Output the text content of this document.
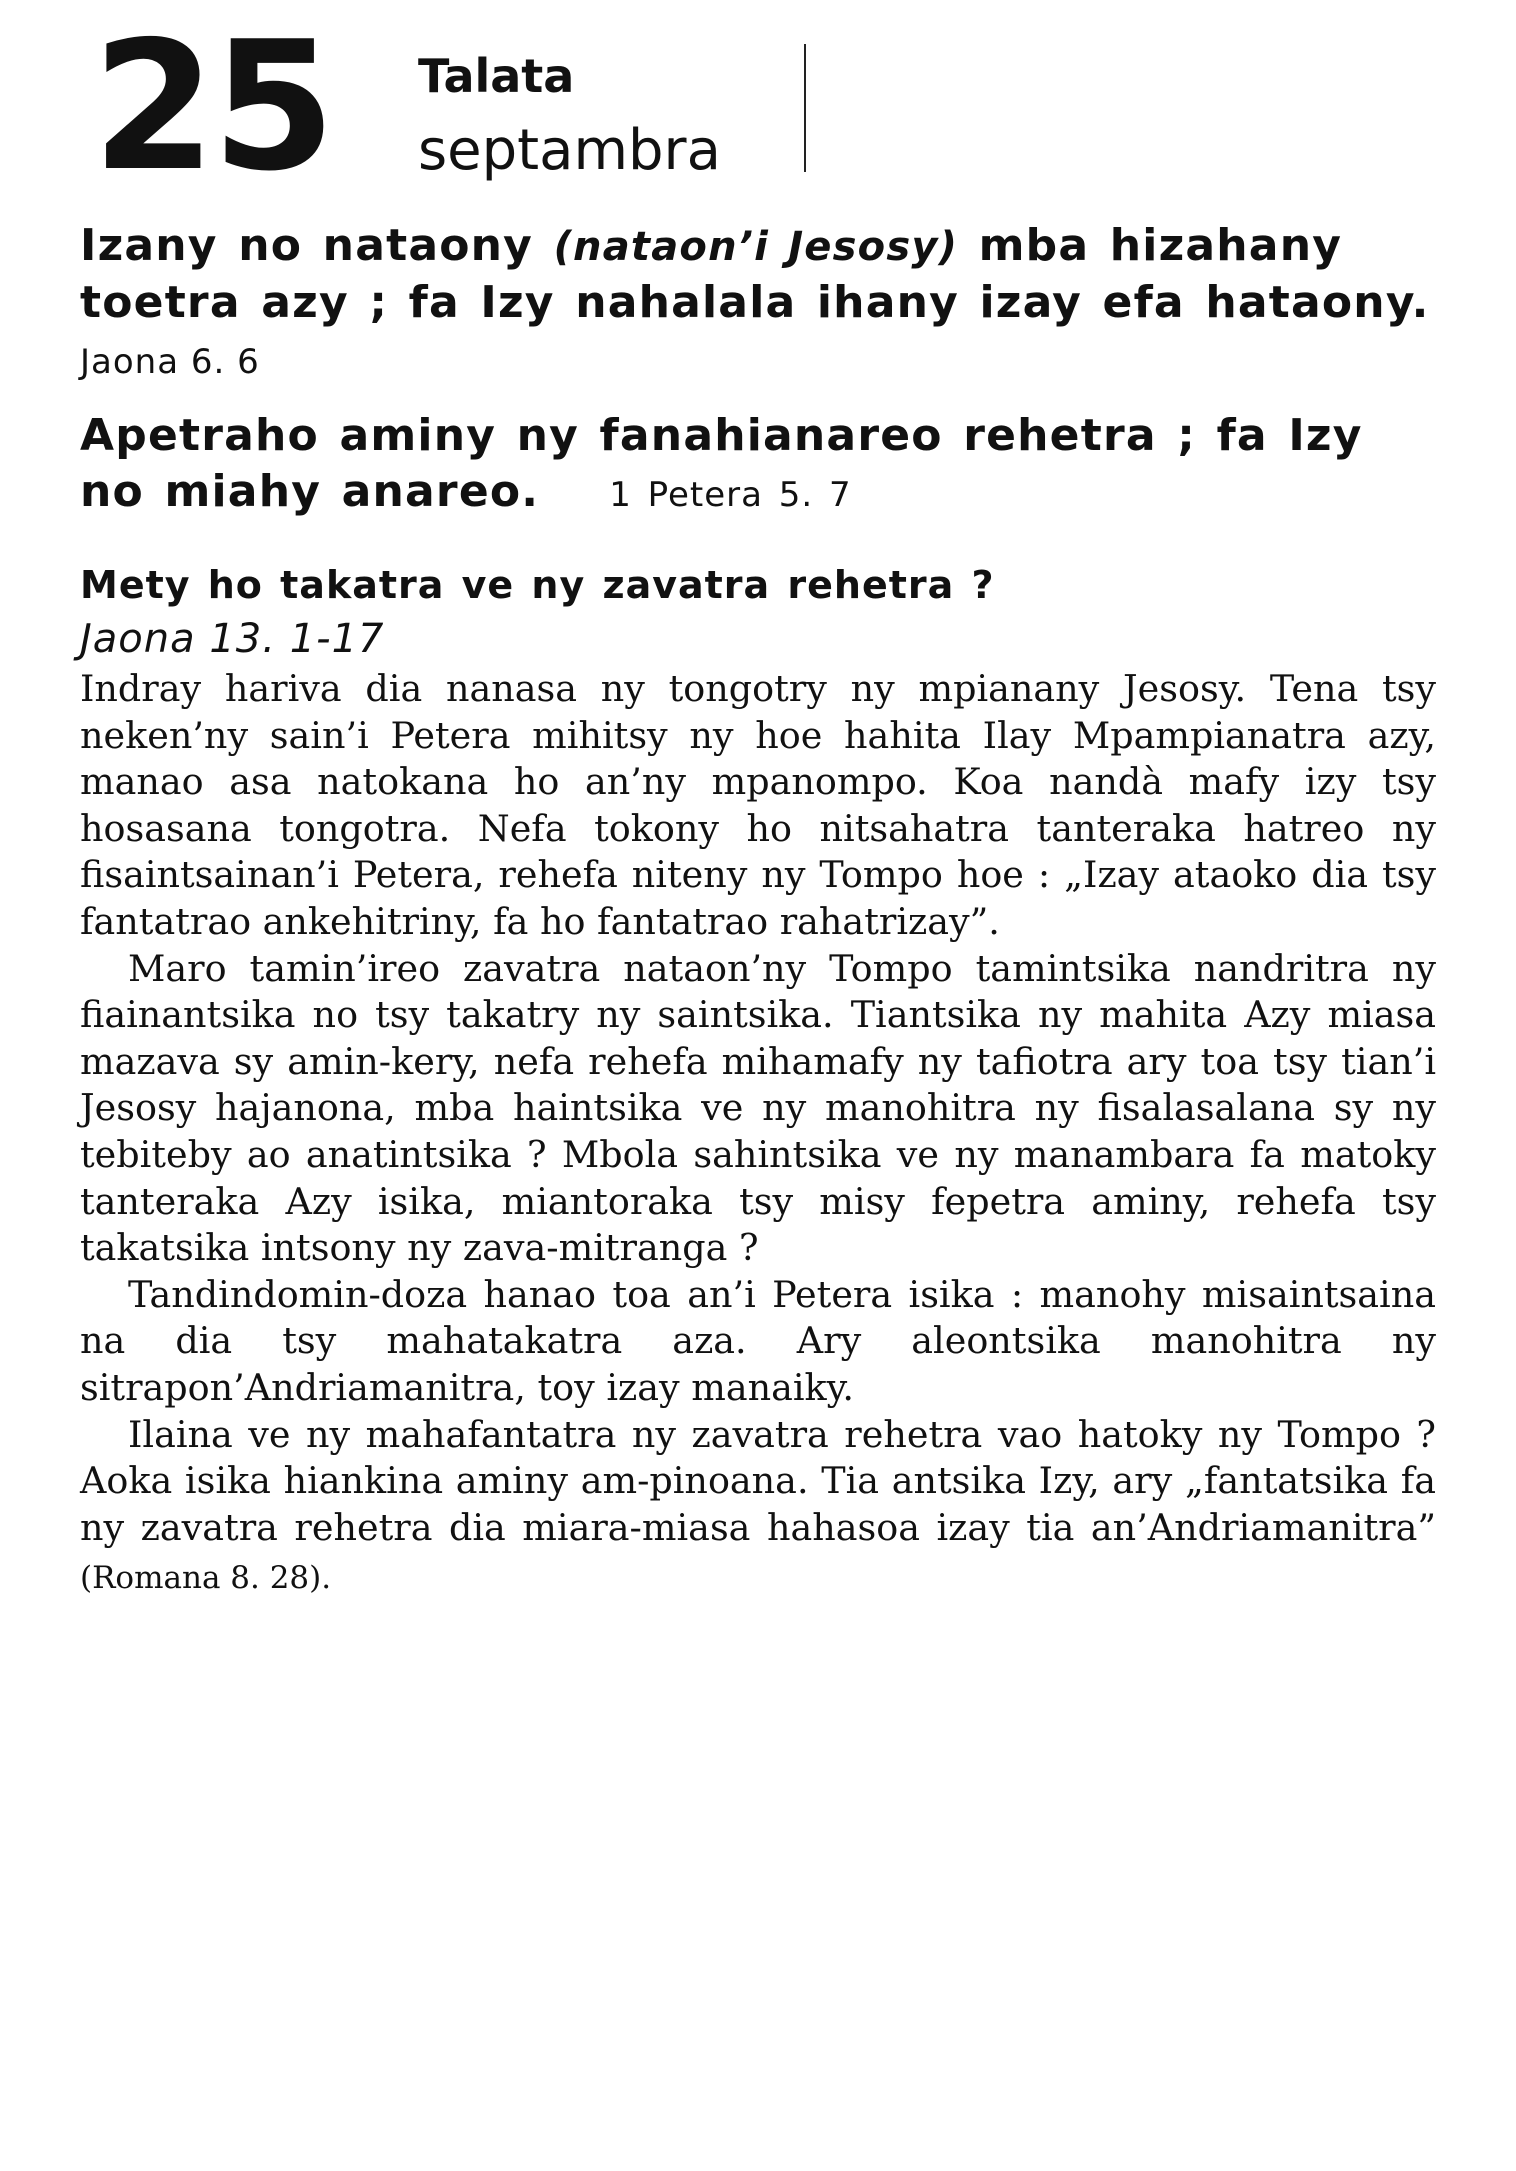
25 Talata
septambra
Izany no nataony (nataon’i Jesosy) mba hizahany toetra azy ; fa Izy nahalala ihany izay efa hataony.
Jaona 6. 6
Apetraho aminy ny fanahianareo rehetra ; fa Izy no miahy anareo. 1 Petera 5. 7
Mety ho takatra ve ny zavatra rehetra ?
Jaona 13. 1-17

Indray hariva dia nanasa ny tongotry ny mpianany Jesosy. Tena tsy neken’ny sain’i Petera mihitsy ny hoe hahita Ilay Mpampianatra azy, manao asa natokana ho an’ny mpanompo. Koa nandà mafy izy tsy hosasana tongotra. Nefa tokony ho nitsahatra tanteraka hatreo ny fisaintsainan’i Petera, rehefa niteny ny Tompo hoe : „Izay ataoko dia tsy fantatrao ankehitriny, fa ho fantatrao rahatrizay”.

Maro tamin’ireo zavatra nataon’ny Tompo tamintsika nandritra ny fiainantsika no tsy takatry ny saintsika. Tiantsika ny mahita Azy miasa mazava sy amin-kery, nefa rehefa mihamafy ny tafiotra ary toa tsy tian’i Jesosy hajanona, mba haintsika ve ny manohitra ny fisalasalana sy ny tebiteby ao anatintsika ? Mbola sahintsika ve ny manambara fa matoky tanteraka Azy isika, miantoraka tsy misy fepetra aminy, rehefa tsy takatsika intsony ny zava-mitranga ?

Tandindomin-doza hanao toa an’i Petera isika : manohy misaintsaina na dia tsy mahatakatra aza. Ary aleontsika manohitra ny sitrapon’Andriamanitra, toy izay manaiky.

Ilaina ve ny mahafantatra ny zavatra rehetra vao hatoky ny Tompo ? Aoka isika hiankina aminy am-pinoana. Tia antsika Izy, ary „fantatsika fa ny zavatra rehetra dia miara-miasa hahasoa izay tia an’Andriamanitra” (Romana 8. 28).
